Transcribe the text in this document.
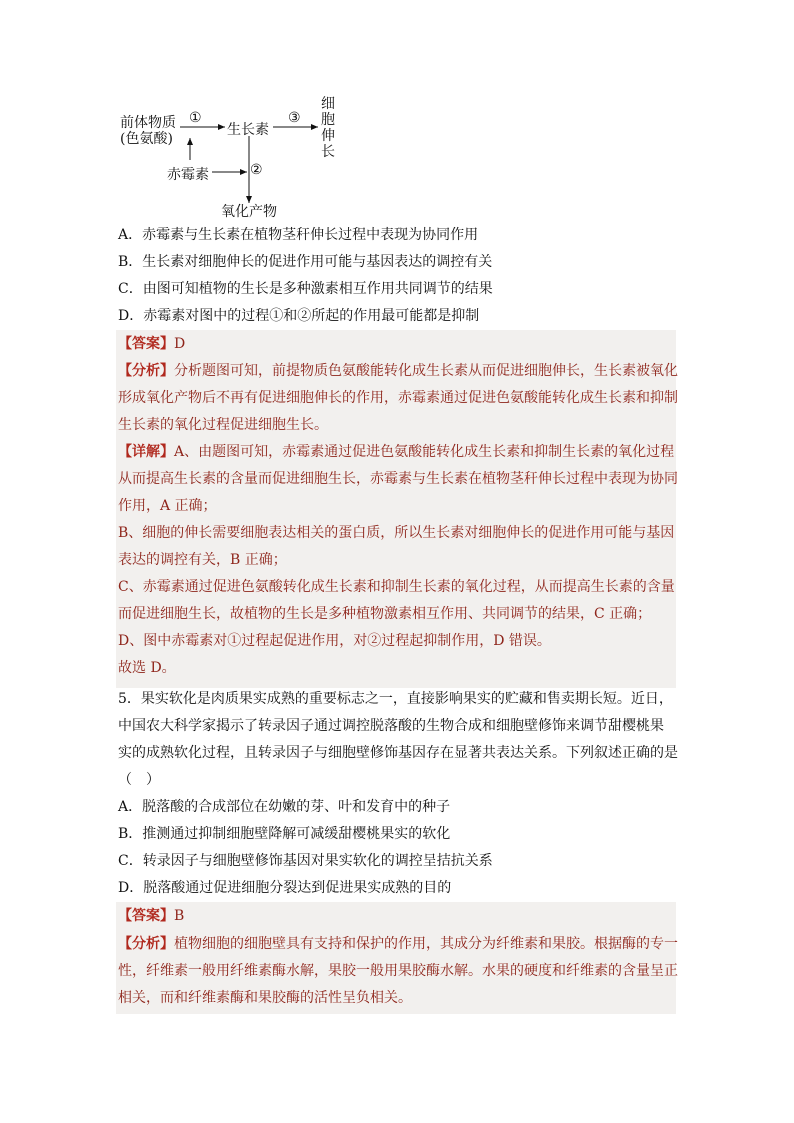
前体物质
(色氨酸)
①
生长素
③
细
胞
伸
长
赤霉素	②
氧化产物
A．赤霉素与生长素在植物茎秆伸长过程中表现为协同作用
B．生长素对细胞伸长的促进作用可能与基因表达的调控有关
C．由图可知植物的生长是多种激素相互作用共同调节的结果
D．赤霉素对图中的过程①和②所起的作用最可能都是抑制
【答案】D
【分析】分析题图可知，前提物质色氨酸能转化成生长素从而促进细胞伸长，生长素被氧化
形成氧化产物后不再有促进细胞伸长的作用，赤霉素通过促进色氨酸能转化成生长素和抑制
生长素的氧化过程促进细胞生长。
【详解】A、由题图可知，赤霉素通过促进色氨酸能转化成生长素和抑制生长素的氧化过程
从而提高生长素的含量而促进细胞生长，赤霉素与生长素在植物茎秆伸长过程中表现为协同
作用，A 正确；
B、细胞的伸长需要细胞表达相关的蛋白质，所以生长素对细胞伸长的促进作用可能与基因
表达的调控有关，B 正确；
C、赤霉素通过促进色氨酸转化成生长素和抑制生长素的氧化过程，从而提高生长素的含量
而促进细胞生长，故植物的生长是多种植物激素相互作用、共同调节的结果，C 正确；
D、图中赤霉素对①过程起促进作用，对②过程起抑制作用，D 错误。
故选 D。
5．果实软化是肉质果实成熟的重要标志之一，直接影响果实的贮藏和售卖期长短。近日，
中国农大科学家揭示了转录因子通过调控脱落酸的生物合成和细胞壁修饰来调节甜樱桃果
实的成熟软化过程，且转录因子与细胞壁修饰基因存在显著共表达关系。下列叙述正确的是
（　）
A．脱落酸的合成部位在幼嫩的芽、叶和发育中的种子
B．推测通过抑制细胞壁降解可减缓甜樱桃果实的软化
C．转录因子与细胞壁修饰基因对果实软化的调控呈拮抗关系
D．脱落酸通过促进细胞分裂达到促进果实成熟的目的
【答案】B
【分析】植物细胞的细胞壁具有支持和保护的作用，其成分为纤维素和果胶。根据酶的专一
性，纤维素一般用纤维素酶水解，果胶一般用果胶酶水解。水果的硬度和纤维素的含量呈正
相关，而和纤维素酶和果胶酶的活性呈负相关。
